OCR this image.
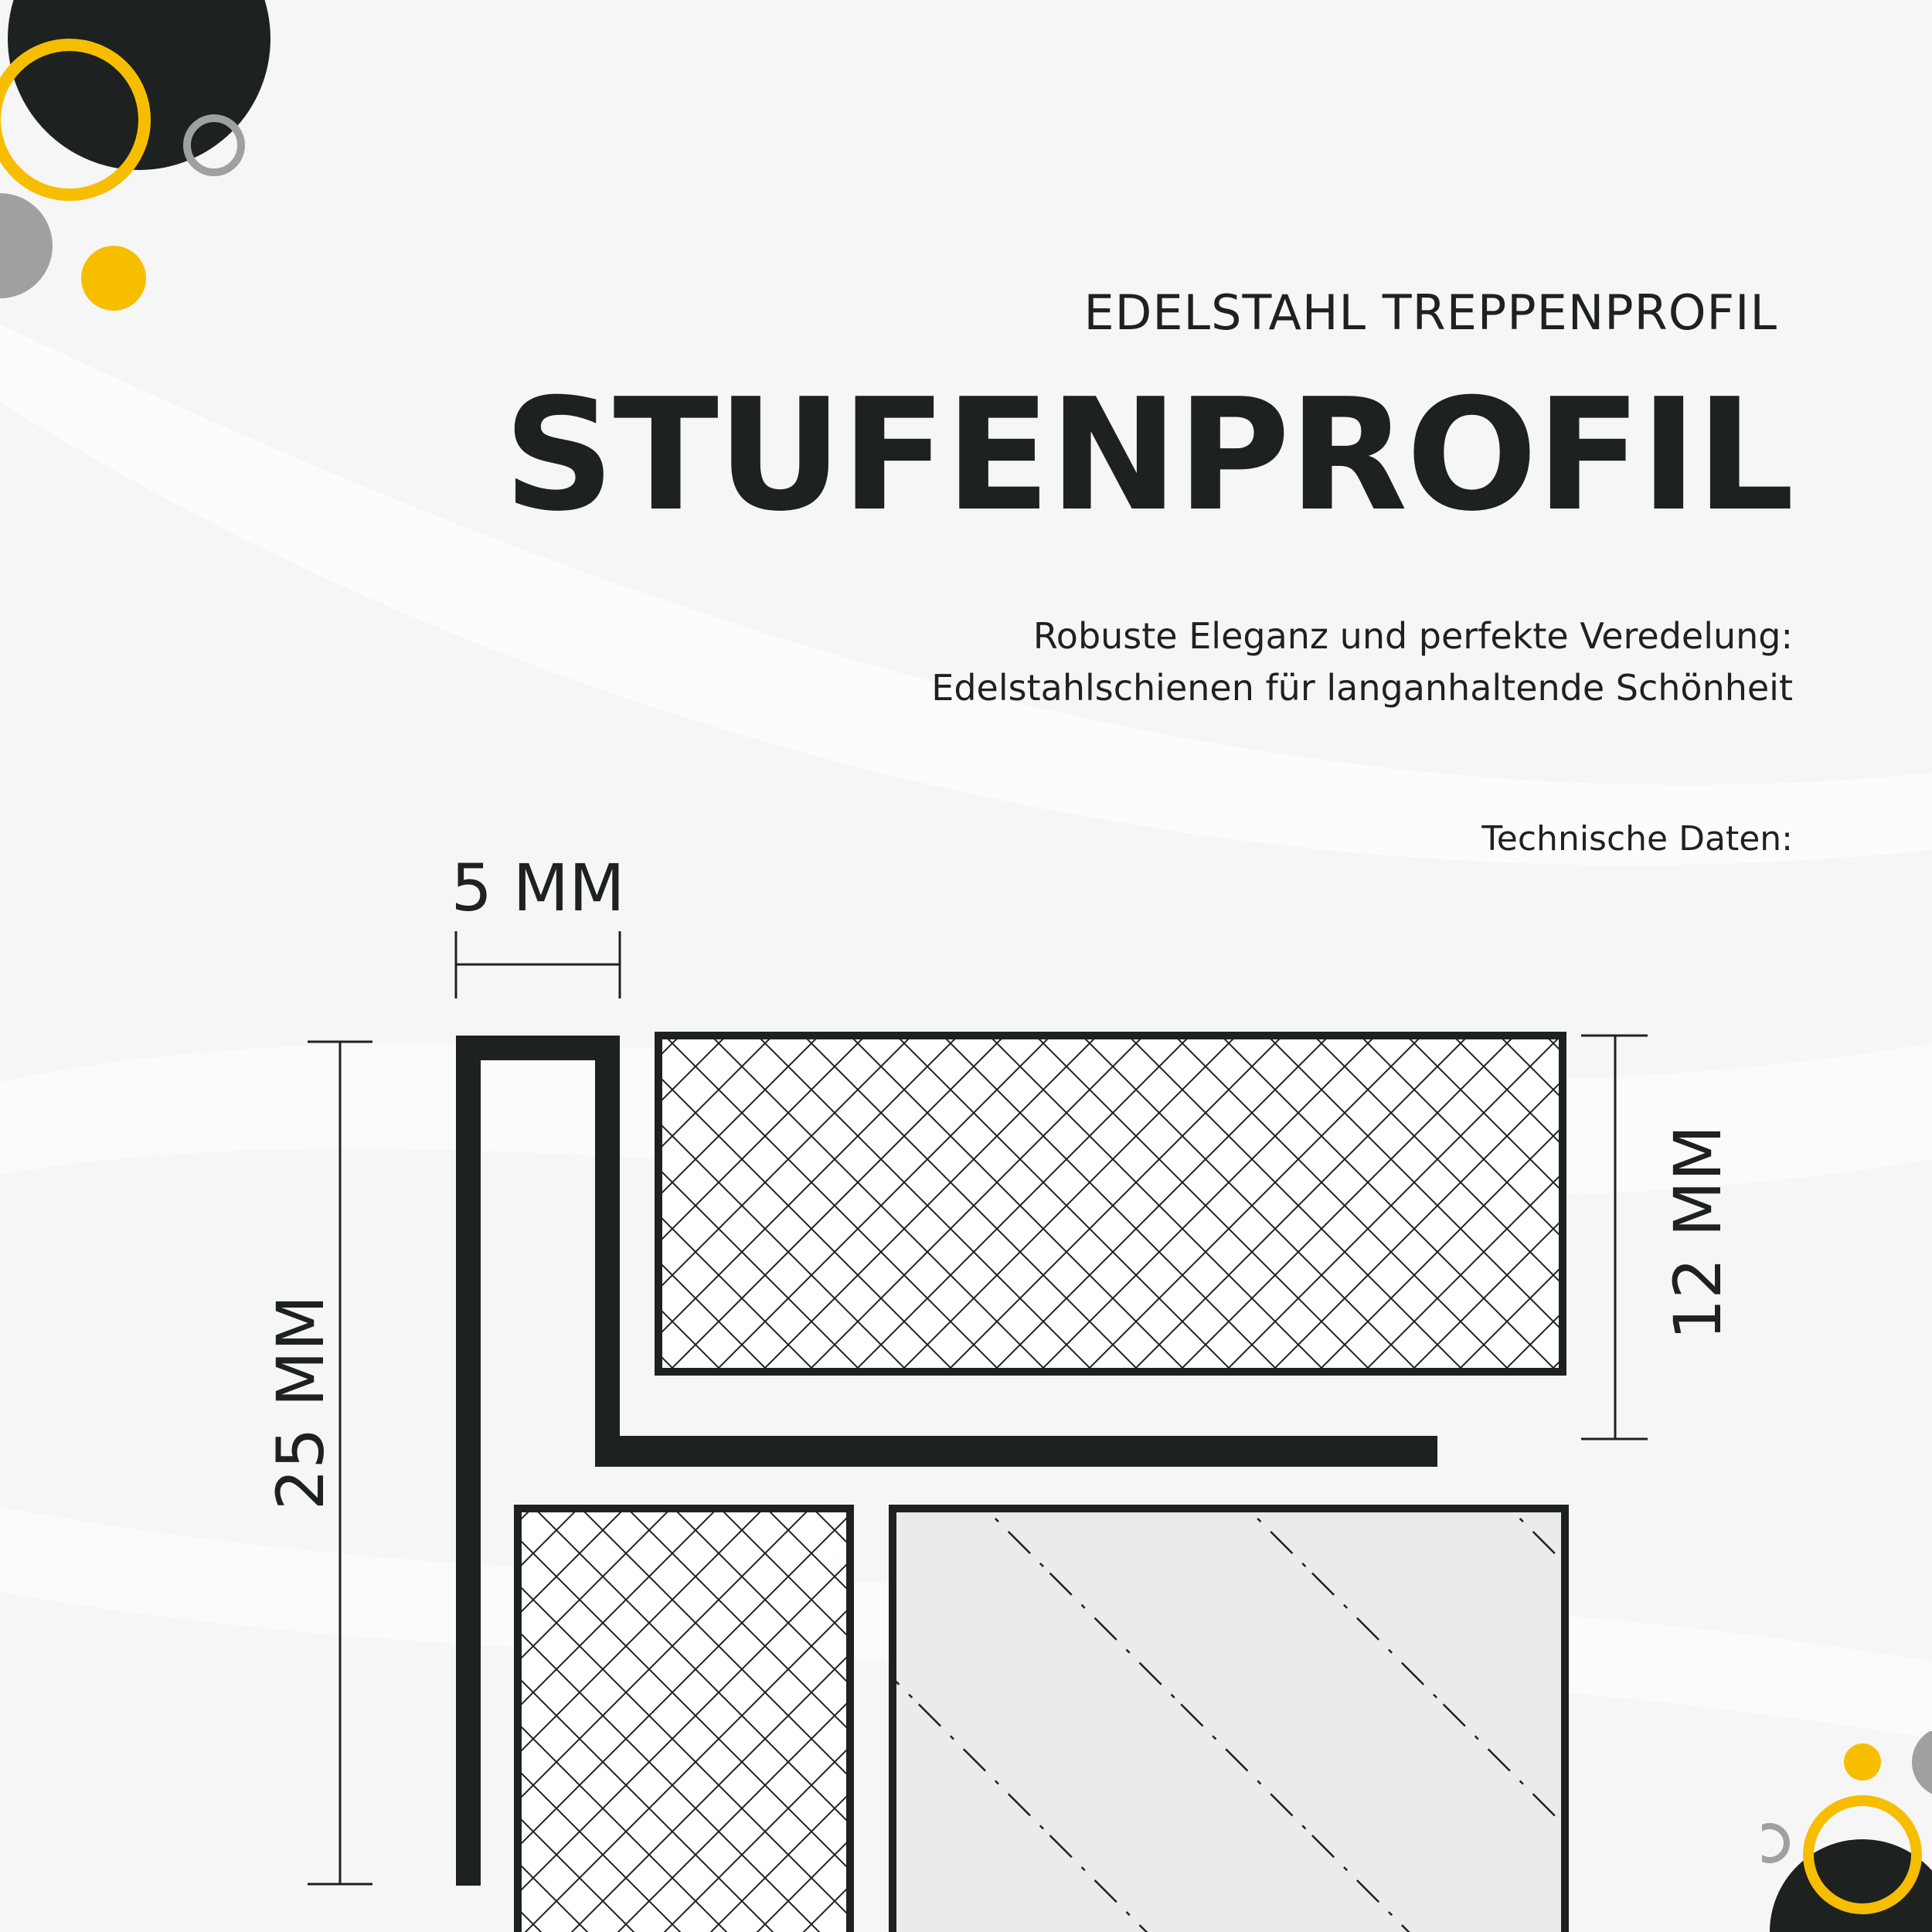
EDELSTAHL TREPPENPROFIL
STUFENPROFIL
Robuste Eleganz und perfekte Veredelung:
Edelstahlschienen für langanhaltende Schönheit
Technische Daten:
5 MM
25 MM
12 MM
